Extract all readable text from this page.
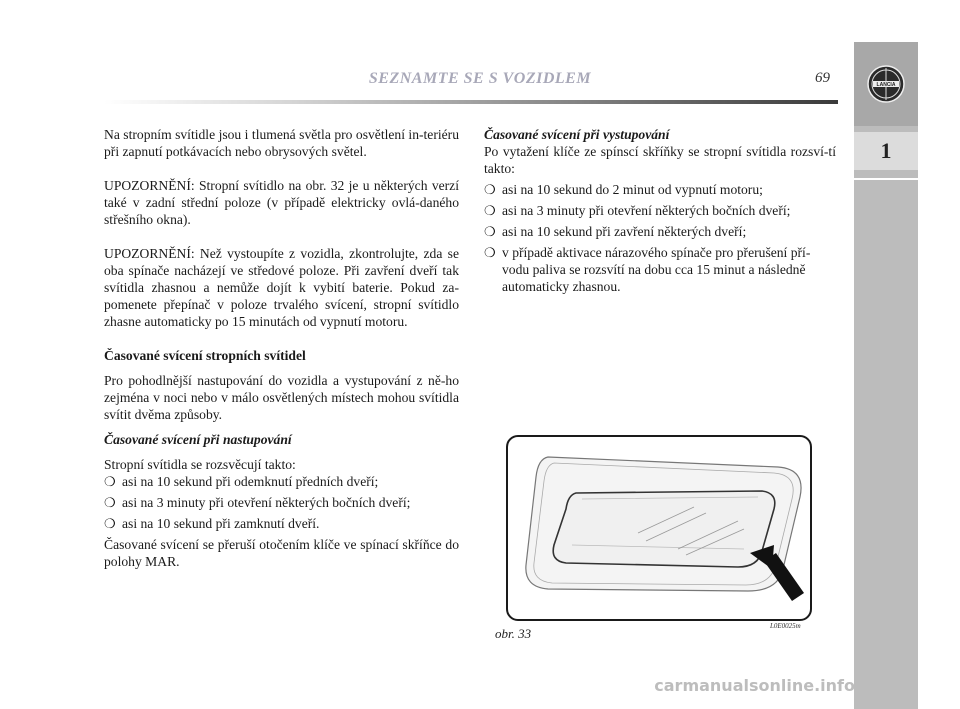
SEZNAMTE SE S VOZIDLEM	69	LANCIA
1

Na stropním svítidle jsou i tlumená světla pro osvětlení in-teriéru při zapnutí potkávacích nebo obrysových světel.

UPOZORNĚNÍ: Stropní svítidlo na obr. 32 je u některých verzí také v zadní střední poloze (v případě elektricky ovlá-daného střešního okna).

UPOZORNĚNÍ: Než vystoupíte z vozidla, zkontrolujte, zda se oba spínače nacházejí ve středové poloze. Při zavření dveří tak svítidla zhasnou a nemůže dojít k vybití baterie. Pokud za-pomenete přepínač v poloze trvalého svícení, stropní svítidlo zhasne automaticky po 15 minutách od vypnutí motoru.

Časované svícení stropních svítidel

Pro pohodlnější nastupování do vozidla a vystupování z ně-ho zejména v noci nebo v málo osvětlených místech mohou svítidla svítit dvěma způsoby.

Časované svícení při nastupování

Stropní svítidla se rozsvěcují takto:

❍ asi na 10 sekund při odemknutí předních dveří;
❍ asi na 3 minuty při otevření některých bočních dveří;
❍ asi na 10 sekund při zamknutí dveří.

Časované svícení se přeruší otočením klíče ve spínací skříňce do polohy MAR.

Časované svícení při vystupování

Po vytažení klíče ze spínscí skříňky se stropní svítidla rozsví-tí takto:

❍ asi na 10 sekund do 2 minut od vypnutí motoru;
❍ asi na 3 minuty při otevření některých bočních dveří;
❍ asi na 10 sekund při zavření některých dveří;
❍ v případě aktivace nárazového spínače pro přerušení pří-vodu paliva se rozsvítí na dobu cca 15 minut a následně automaticky zhasnou.
obr. 33	L0E0025m
carmanualsonline.info
